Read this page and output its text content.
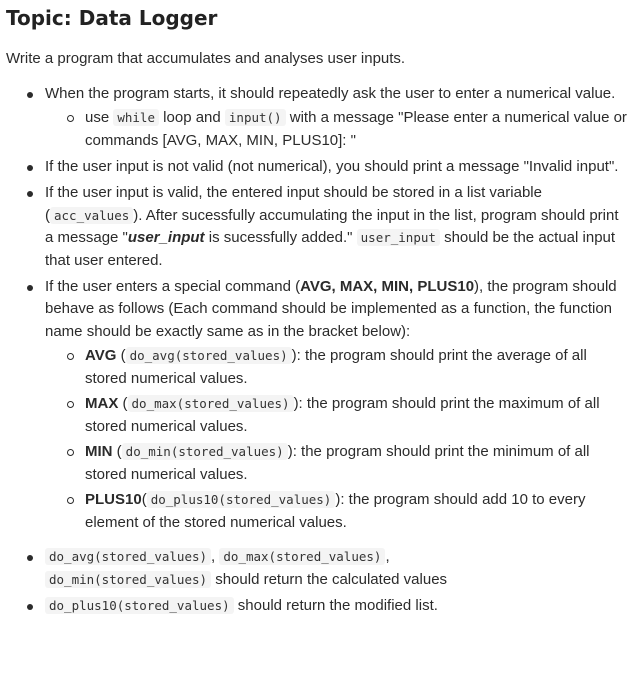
Topic: Data Logger

Write a program that accumulates and analyses user inputs.

When the program starts, it should repeatedly ask the user to enter a numerical value.
use while loop and input() with a message "Please enter a numerical value or commands [AVG, MAX, MIN, PLUS10]: "
If the user input is not valid (not numerical), you should print a message "Invalid input".
If the user input is valid, the entered input should be stored in a list variable ( acc_values ). After sucessfully accumulating the input in the list, program should print a message "user_input is sucessfully added." user_input should be the actual input that user entered.
If the user enters a special command (AVG, MAX, MIN, PLUS10), the program should behave as follows (Each command should be implemented as a function, the function name should be exactly same as in the bracket below):
AVG ( do_avg(stored_values) ): the program should print the average of all stored numerical values.
MAX ( do_max(stored_values) ): the program should print the maximum of all stored numerical values.
MIN ( do_min(stored_values) ): the program should print the minimum of all stored numerical values.
PLUS10( do_plus10(stored_values) ): the program should add 10 to every element of the stored numerical values.
do_avg(stored_values) , do_max(stored_values) ,
do_min(stored_values) should return the calculated values
do_plus10(stored_values) should return the modified list.
